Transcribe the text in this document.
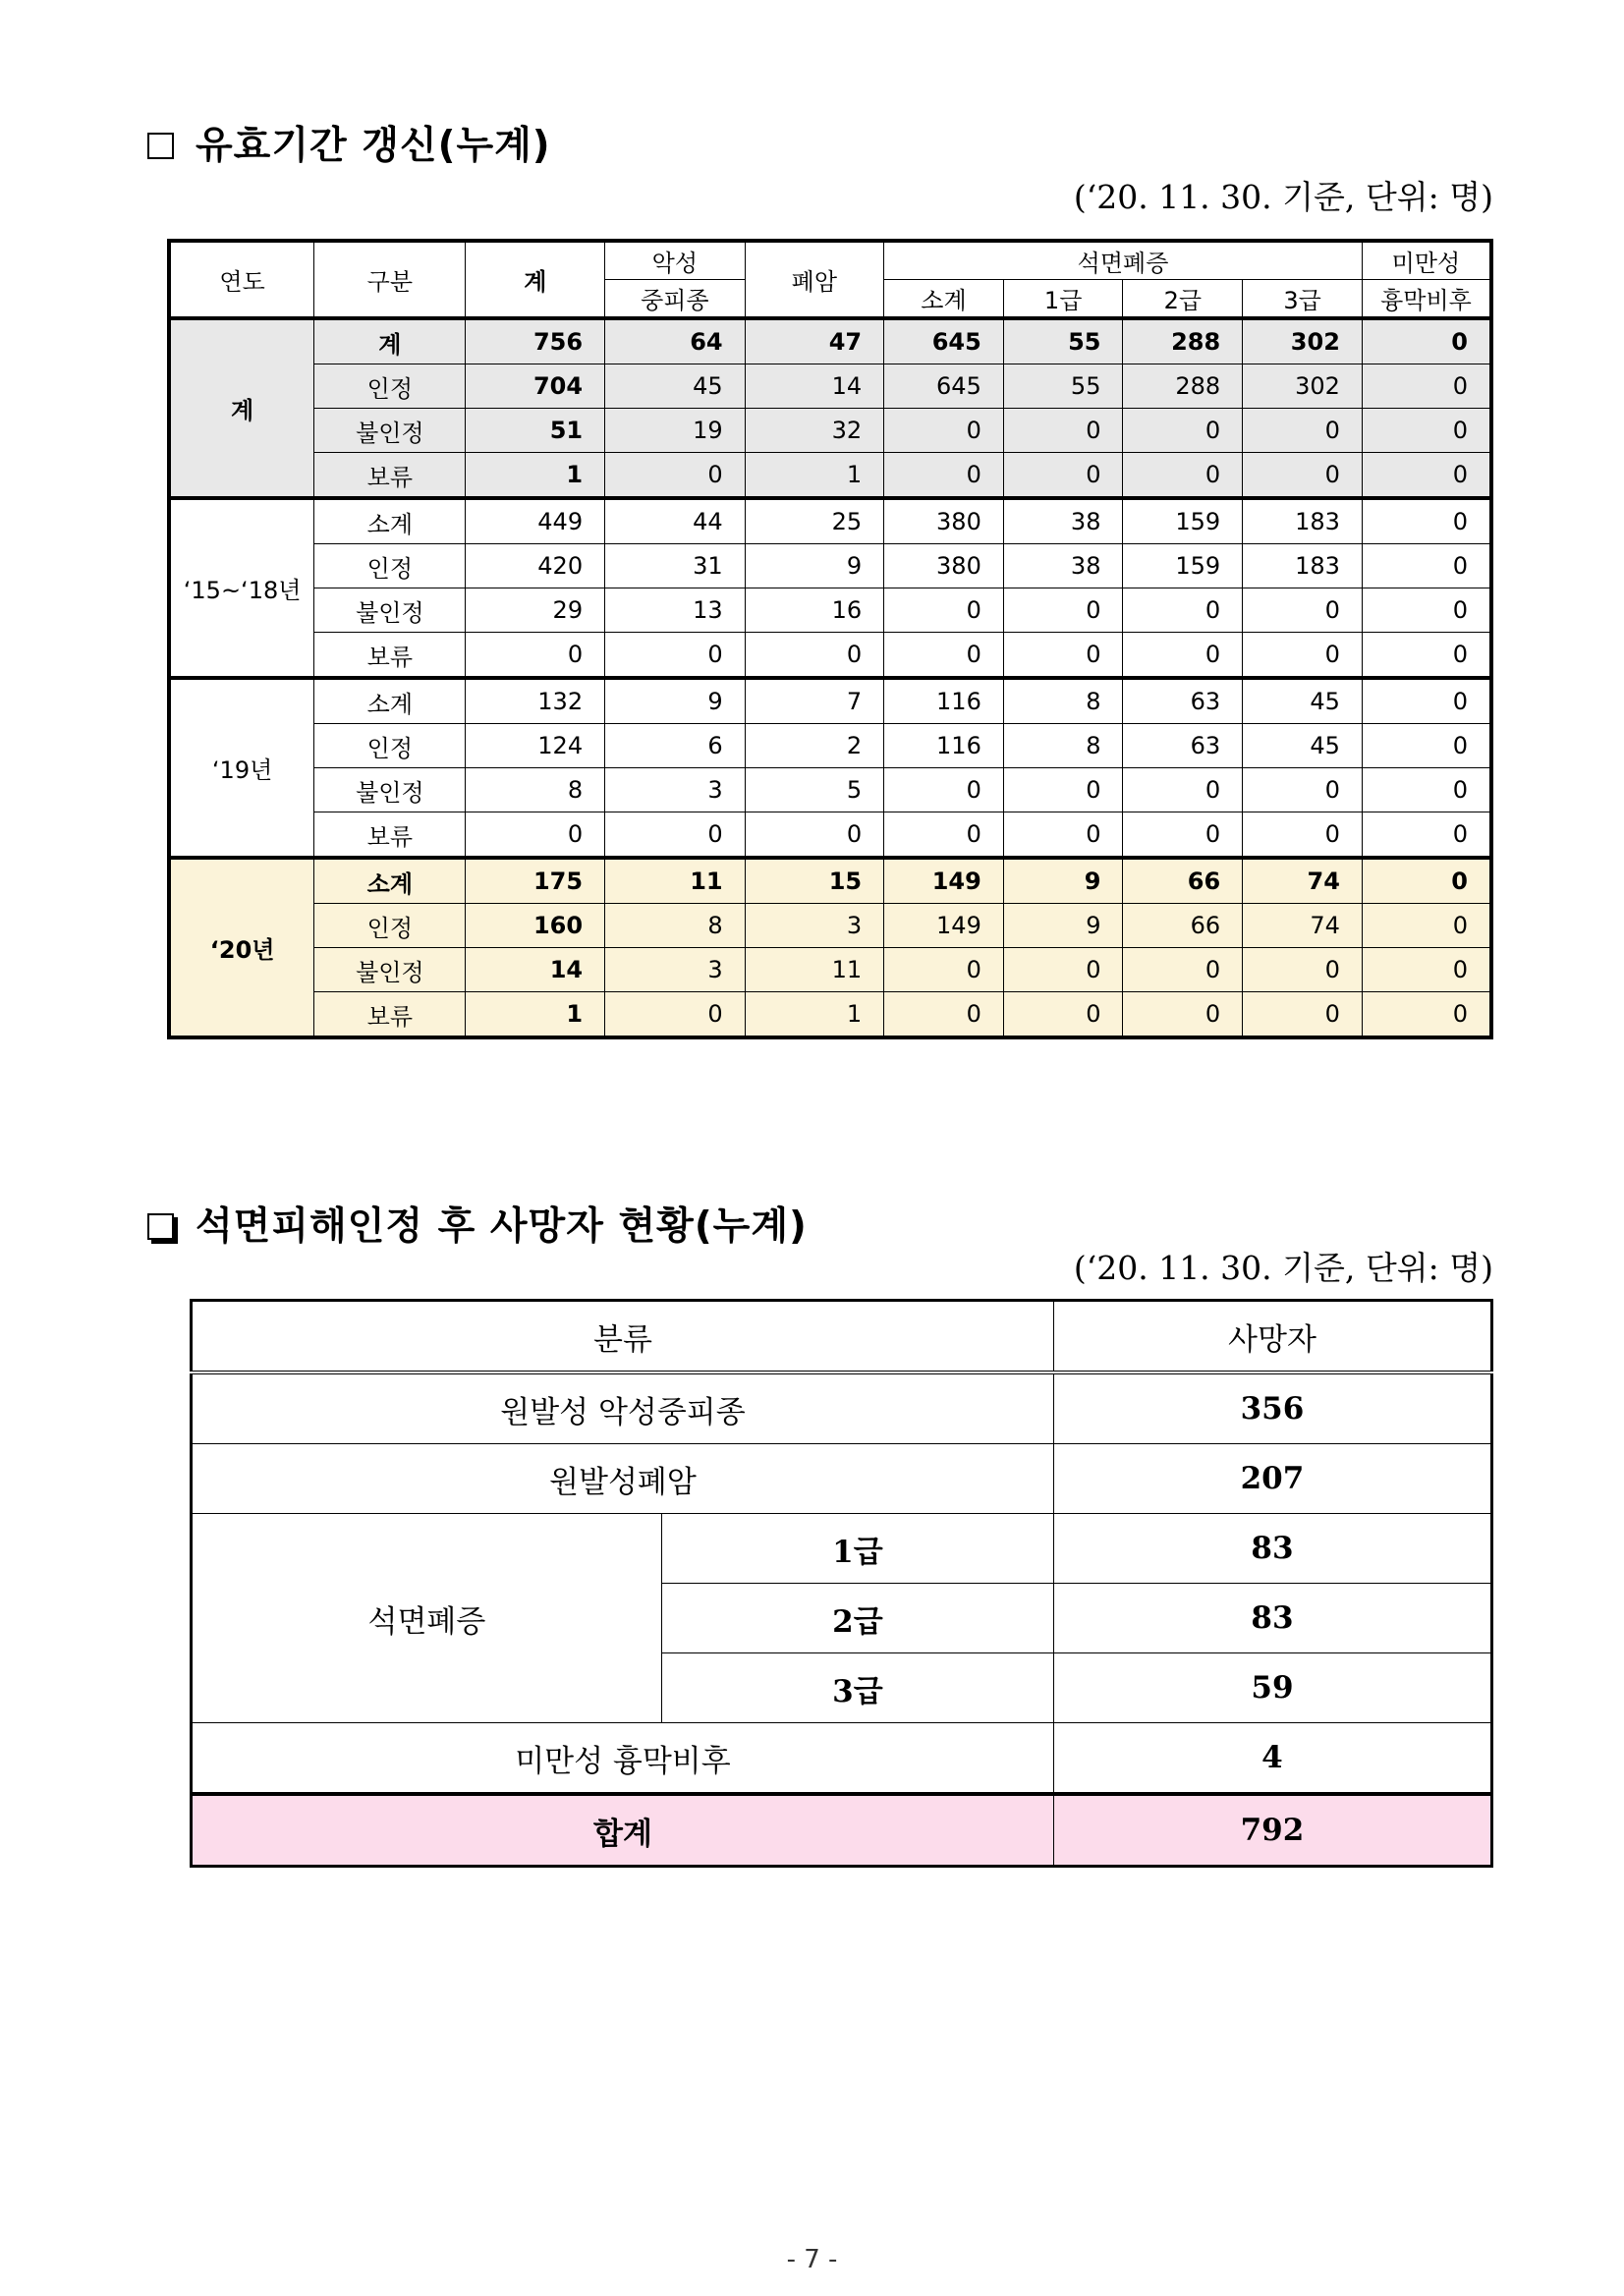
유효기간 갱신(누계)
(‘20. 11. 30. 기준, 단위: 명)
연도	구분	계	악성	폐암	석면폐증				미만성
			중피종		소계	1급	2급	3급	흉막비후
계	계	756	64	47	645	55	288	302	0
	인정	704	45	14	645	55	288	302	0
	불인정	51	19	32	0	0	0	0	0
	보류	1	0	1	0	0	0	0	0
‘15~‘18년	소계	449	44	25	380	38	159	183	0
	인정	420	31	9	380	38	159	183	0
	불인정	29	13	16	0	0	0	0	0
	보류	0	0	0	0	0	0	0	0
‘19년	소계	132	9	7	116	8	63	45	0
	인정	124	6	2	116	8	63	45	0
	불인정	8	3	5	0	0	0	0	0
	보류	0	0	0	0	0	0	0	0
‘20년	소계	175	11	15	149	9	66	74	0
	인정	160	8	3	149	9	66	74	0
	불인정	14	3	11	0	0	0	0	0
	보류	1	0	1	0	0	0	0	0
석면피해인정 후 사망자 현황(누계)
(‘20. 11. 30. 기준, 단위: 명)
분류		사망자
원발성 악성중피종		356
원발성폐암		207
석면폐증	1급	83
	2급	83
	3급	59
미만성 흉막비후		4
합계		792
- 7 -
